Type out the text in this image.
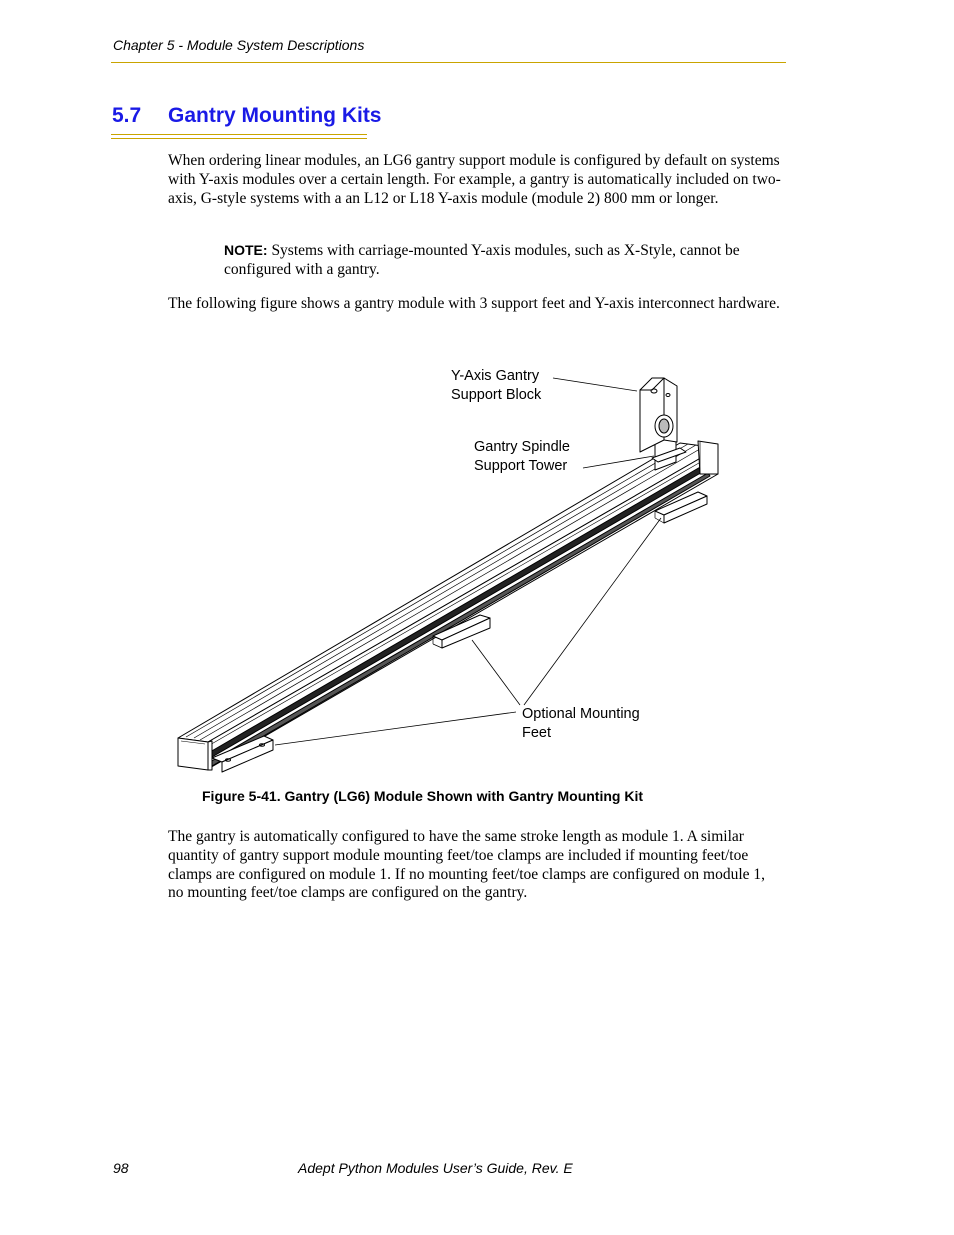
Chapter 5 - Module System Descriptions
5.7 Gantry Mounting Kits
When ordering linear modules, an LG6 gantry support module is configured by default on systems with Y-axis modules over a certain length. For example, a gantry is automatically included on two-axis, G-style systems with a an L12 or L18 Y-axis module (module 2) 800 mm or longer.
NOTE: Systems with carriage-mounted Y-axis modules, such as X-Style, cannot be configured with a gantry.
The following figure shows a gantry module with 3 support feet and Y-axis interconnect hardware.
Y-Axis Gantry
Support Block
Gantry Spindle
Support Tower
Optional Mounting
Feet
Figure 5-41. Gantry (LG6) Module Shown with Gantry Mounting Kit
The gantry is automatically configured to have the same stroke length as module 1. A similar quantity of gantry support module mounting feet/toe clamps are included if mounting feet/toe clamps are configured on module 1. If no mounting feet/toe clamps are configured on module 1, no mounting feet/toe clamps are configured on the gantry.
98	Adept Python Modules User’s Guide, Rev. E
